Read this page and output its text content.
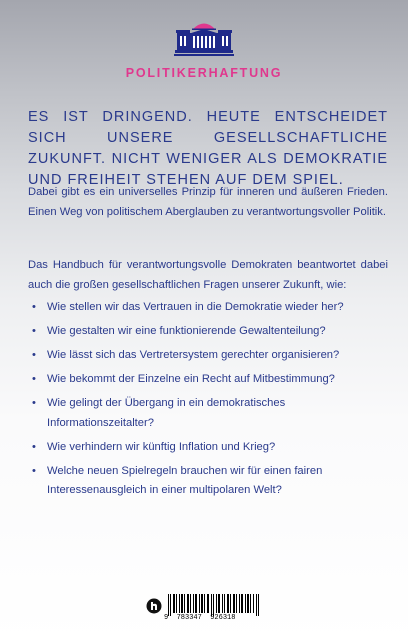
POLITIKERHAFTUNG
ES IST DRINGEND. HEUTE ENTSCHEIDET SICH UNSERE GESELLSCHAFTLICHE ZUKUNFT. NICHT WENIGER ALS DEMOKRATIE UND FREIHEIT STEHEN AUF DEM SPIEL.
Dabei gibt es ein universelles Prinzip für inneren und äußeren Frieden. Einen Weg von politischem Aberglauben zu verantwortungsvoller Politik.
Das Handbuch für verantwortungsvolle Demokraten beantwortet dabei auch die großen gesellschaftlichen Fragen unserer Zukunft, wie:
• Wie stellen wir das Vertrauen in die Demokratie wieder her?
• Wie gestalten wir eine funktionierende Gewaltenteilung?
• Wie lässt sich das Vertretersystem gerechter organisieren?
• Wie bekommt der Einzelne ein Recht auf Mitbestimmung?
• Wie gelingt der Übergang in ein demokratisches Informationszeitalter?
• Wie verhindern wir künftig Inflation und Krieg?
• Welche neuen Spielregeln brauchen wir für einen fairen Interessenausgleich in einer multipolaren Welt?
9 783347 926318
